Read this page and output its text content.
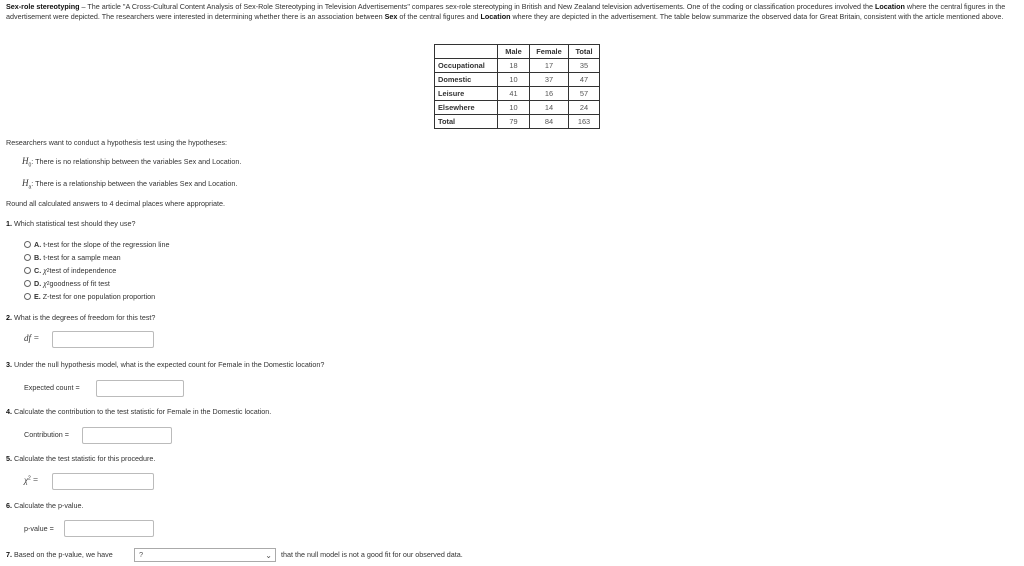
Sex-role stereotyping – The article "A Cross-Cultural Content Analysis of Sex-Role Stereotyping in Television Advertisements" compares sex-role stereotyping in British and New Zealand television advertisements. One of the coding or classification procedures involved the Location where the central figures in the advertisement were depicted. The researchers were interested in determining whether there is an association between Sex of the central figures and Location where they are depicted in the advertisement. The table below summarize the observed data for Great Britain, consistent with the article mentioned above.
	Male	Female	Total
Occupational	18	17	35
Domestic	10	37	47
Leisure	41	16	57
Elsewhere	10	14	24
Total	79	84	163
Researchers want to conduct a hypothesis test using the hypotheses:
$H_0$: There is no relationship between the variables Sex and Location.
$H_a$: There is a relationship between the variables Sex and Location.
Round all calculated answers to 4 decimal places where appropriate.
1. Which statistical test should they use?
A. t-test for the slope of the regression line
B. t-test for a sample mean
C. χ 2 test of independence
D. χ 2 goodness of fit test
E. Z-test for one population proportion
2. What is the degrees of freedom for this test?
df =
3. Under the null hypothesis model, what is the expected count for Female in the Domestic location?
Expected count =
4. Calculate the contribution to the test statistic for Female in the Domestic location.
Contribution =
5. Calculate the test statistic for this procedure.
$\chi^2$ =
6. Calculate the p-value.
p-value =
7. Based on the p-value, we have	?	⌄ that the null model is not a good fit for our observed data.
